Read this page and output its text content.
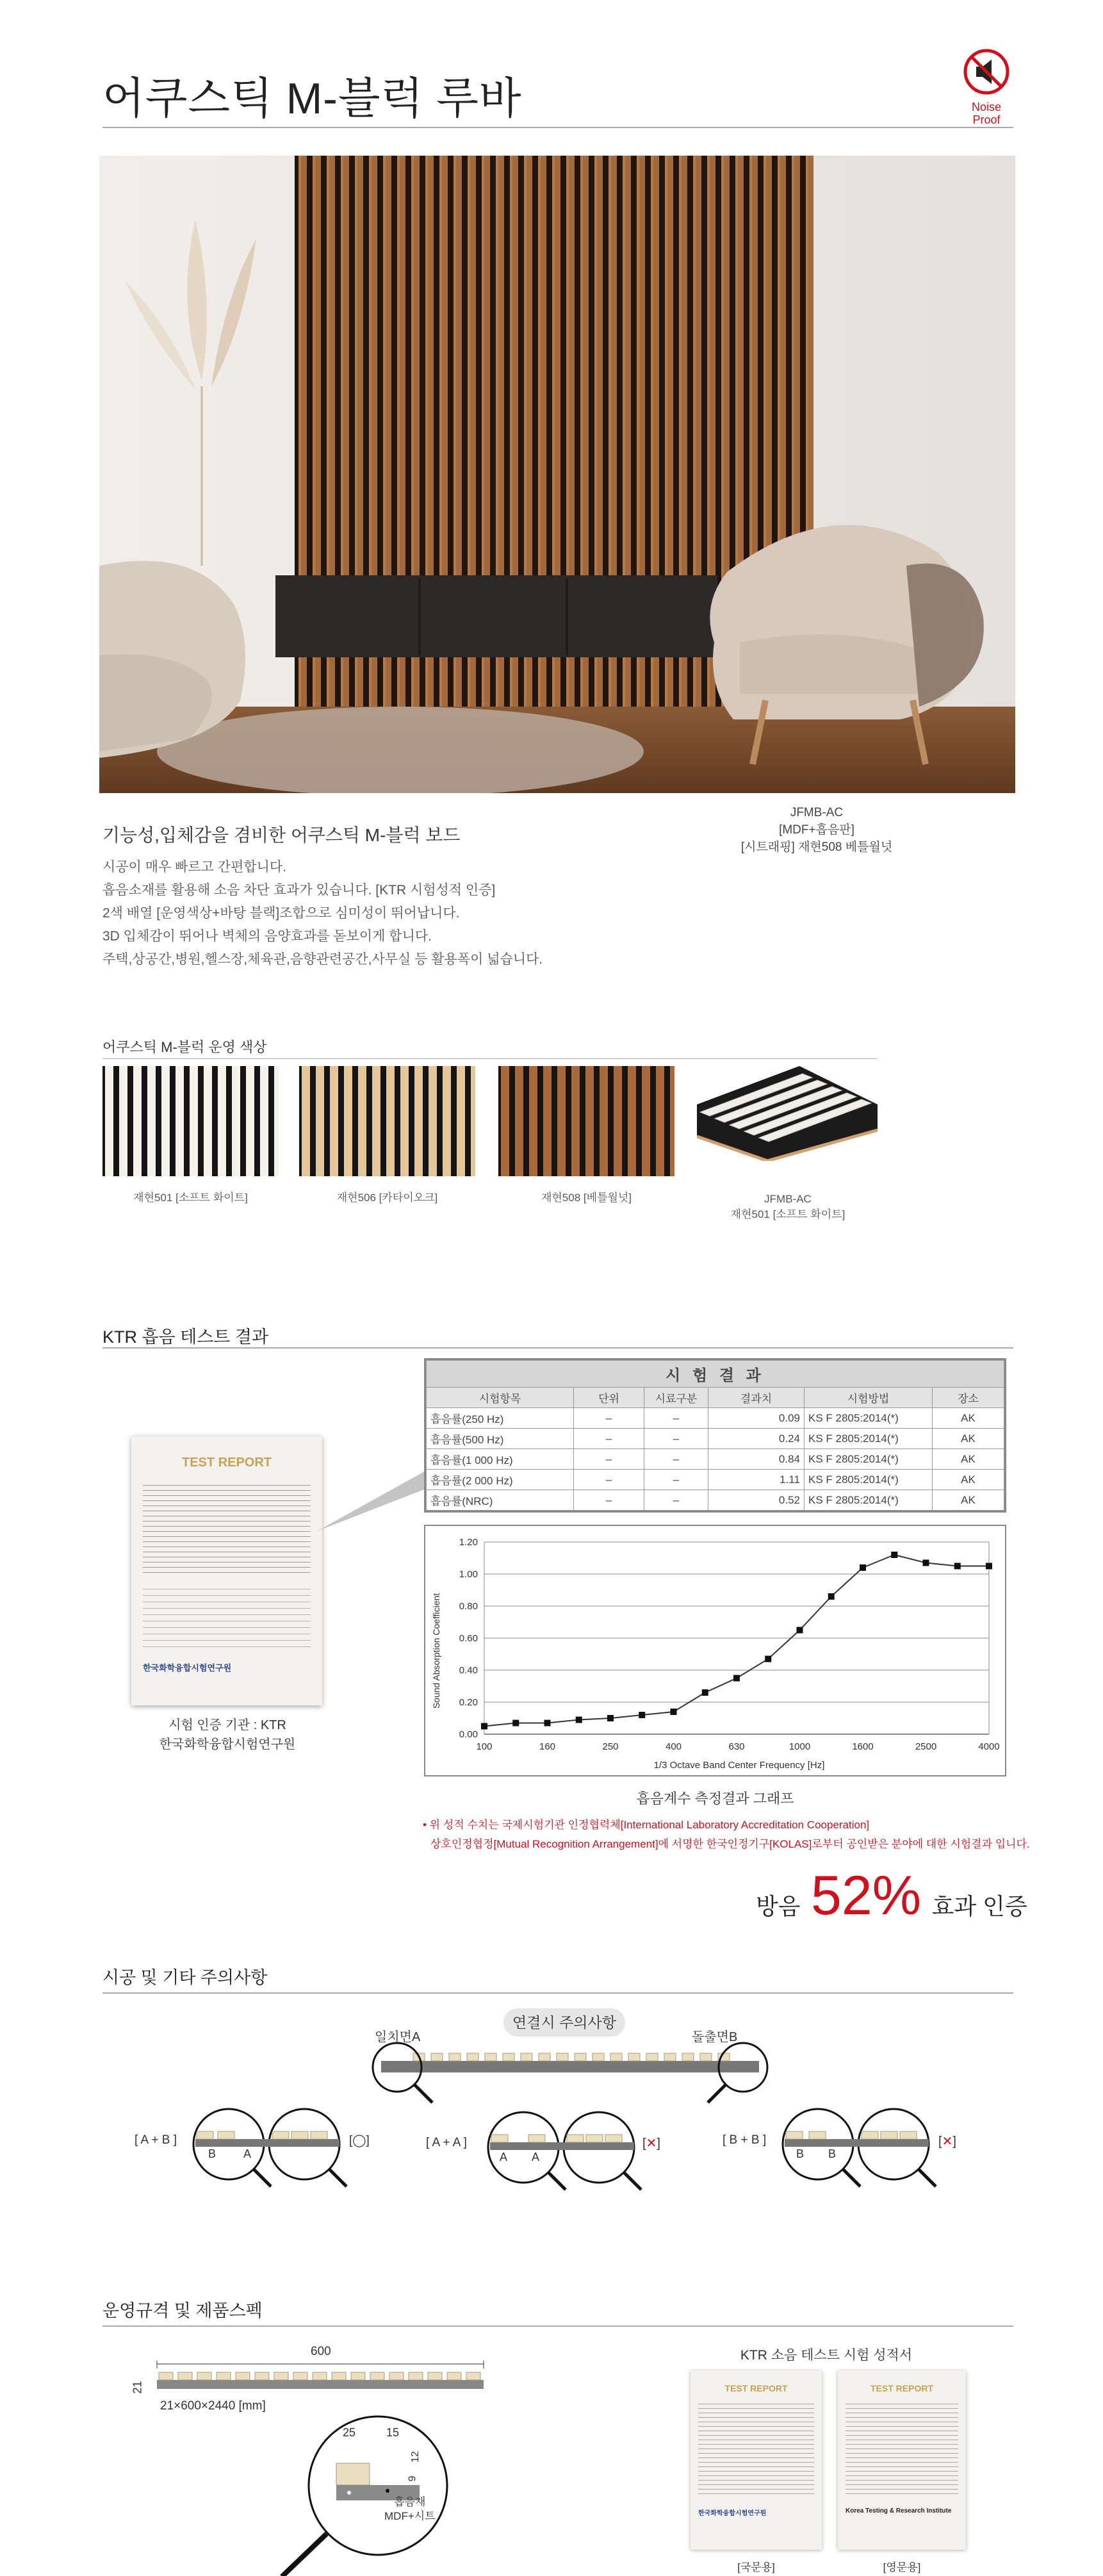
어쿠스틱 M-블럭 루바	Noise
Proof
기능성,입체감을 겸비한 어쿠스틱 M-블럭 보드
JFMB-AC
[MDF+흡음판]
[시트래핑] 재현508 베틀월넛
시공이 매우 빠르고 간편합니다.
흡음소재를 활용해 소음 차단 효과가 있습니다. [KTR 시험성적 인증]
2색 배열 [운영색상+바탕 블랙]조합으로 심미성이 뛰어납니다.
3D 입체감이 뛰어나 벽체의 음양효과를 돋보이게 합니다.
주택,상공간,병원,헬스장,체육관,음향관련공간,사무실 등 활용폭이 넓습니다.
어쿠스틱 M-블럭 운영 색상
재현501 [소프트 화이트]	재현506 [카타이오크]	재현508 [베틀월넛]	JFMB-AC
재현501 [소프트 화이트]
KTR 흡음 테스트 결과
TEST REPORT
한국화학융합시험연구원
시험 인증 기관 : KTR
한국화학융합시험연구원
시 험 결 과					
시험항목	단위	시료구분	결과치	시험방법	장소
흡음률(250 Hz)	–	–	0.09	KS F 2805:2014(*)	AK
흡음률(500 Hz)	–	–	0.24	KS F 2805:2014(*)	AK
흡음률(1 000 Hz)	–	–	0.84	KS F 2805:2014(*)	AK
흡음률(2 000 Hz)	–	–	1.11	KS F 2805:2014(*)	AK
흡음률(NRC)	–	–	0.52	KS F 2805:2014(*)	AK
0.00
0.20
0.40
0.60
0.80
1.00
1.20
100	160	250	400	630	1000	1600	2500	4000
1/3 Octave Band Center Frequency [Hz]
Sound Absorption Coefficient
흡음계수 측정결과 그래프
• 위 성적 수치는 국제시험기관 인정협력체[International Laboratory Accreditation Cooperation]
상호인정협정[Mutual Recognition Arrangement]에 서명한 한국인정기구[KOLAS]로부터 공인받은 분야에 대한 시험결과 입니다.
방음 52% 효과 인증
시공 및 기타 주의사항
연결시 주의사항
일치면A	돌출면B
[ A + B ]
B A
[◯]	[ A + A ]
A A
[✕]	[ B + B ]
B B
[✕]
운영규격 및 제품스펙
600
21
21×600×2440 [mm]
25	15
12
9
흡음재
MDF+시트
KTR 소음 테스트 시험 성적서
TEST REPORT
한국화학융합시험연구원
TEST REPORT
Korea Testing & Research Institute
[국문용]	[영문용]
